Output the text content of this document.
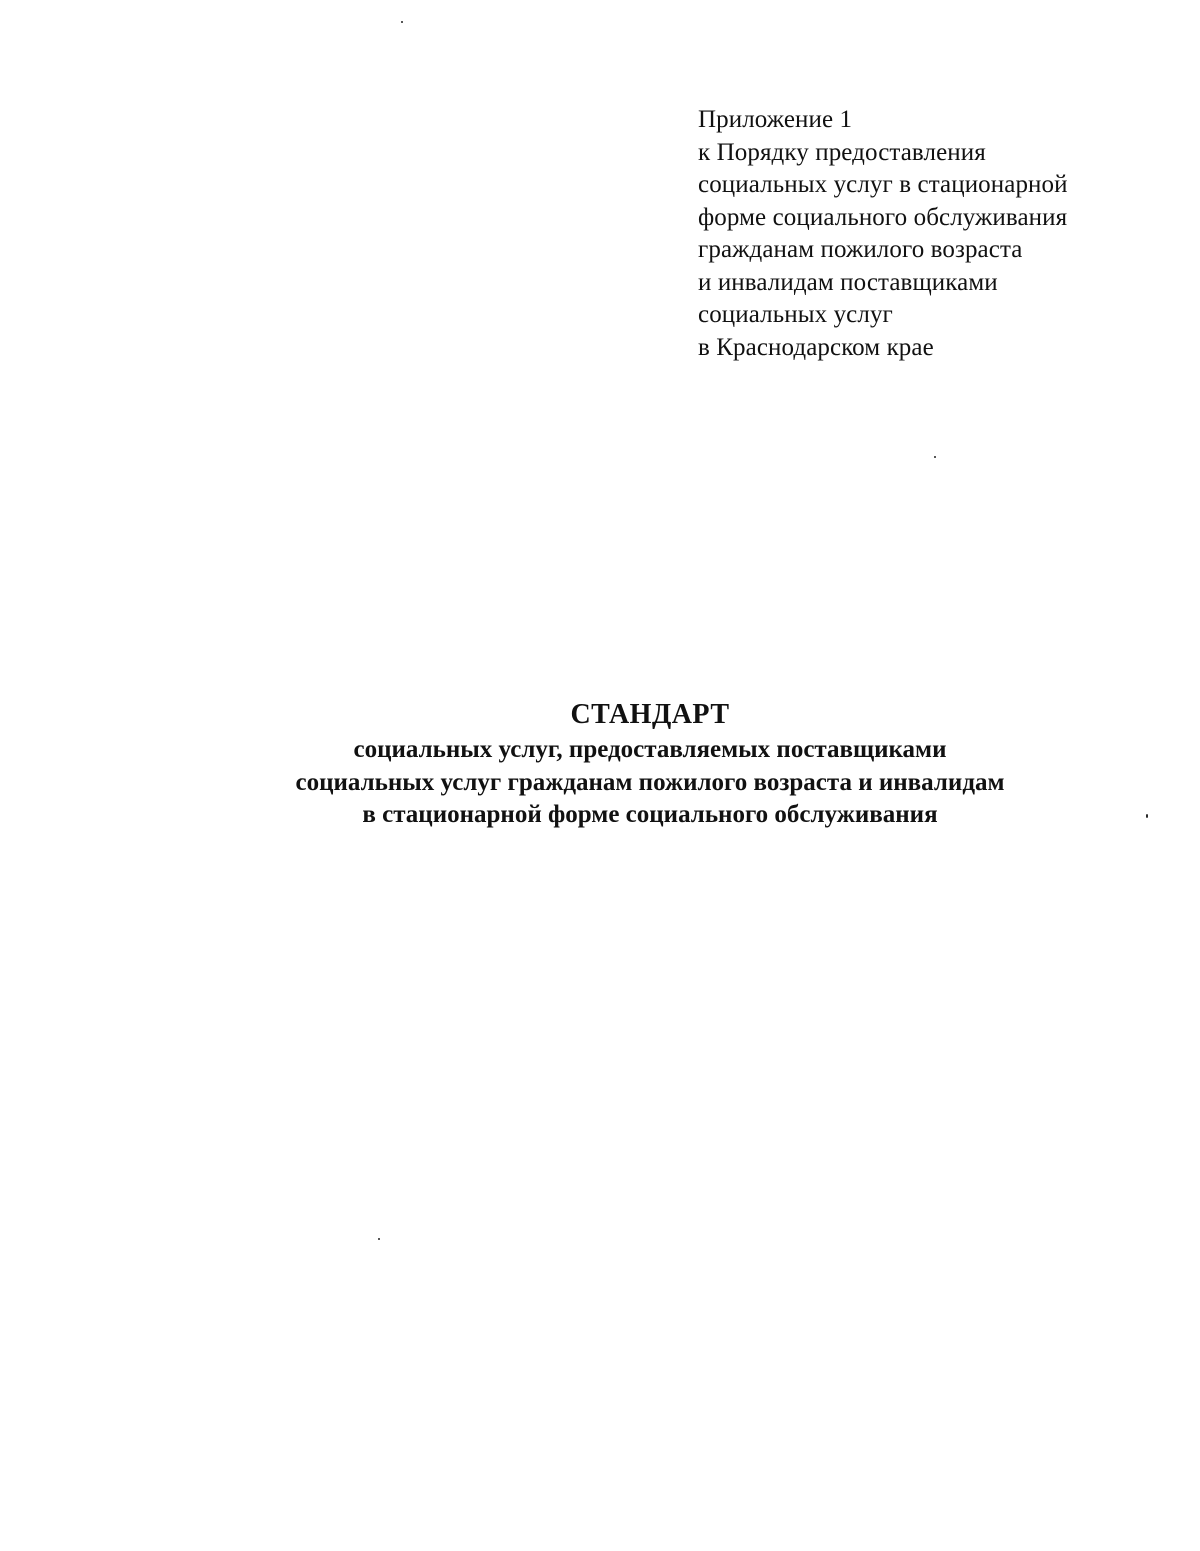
Приложение 1
к Порядку предоставления
социальных услуг в стационарной
форме социального обслуживания
гражданам пожилого возраста
и инвалидам поставщиками
социальных услуг
в Краснодарском крае
СТАНДАРТ
социальных услуг, предоставляемых поставщиками
социальных услуг гражданам пожилого возраста и инвалидам
в стационарной форме социального обслуживания
